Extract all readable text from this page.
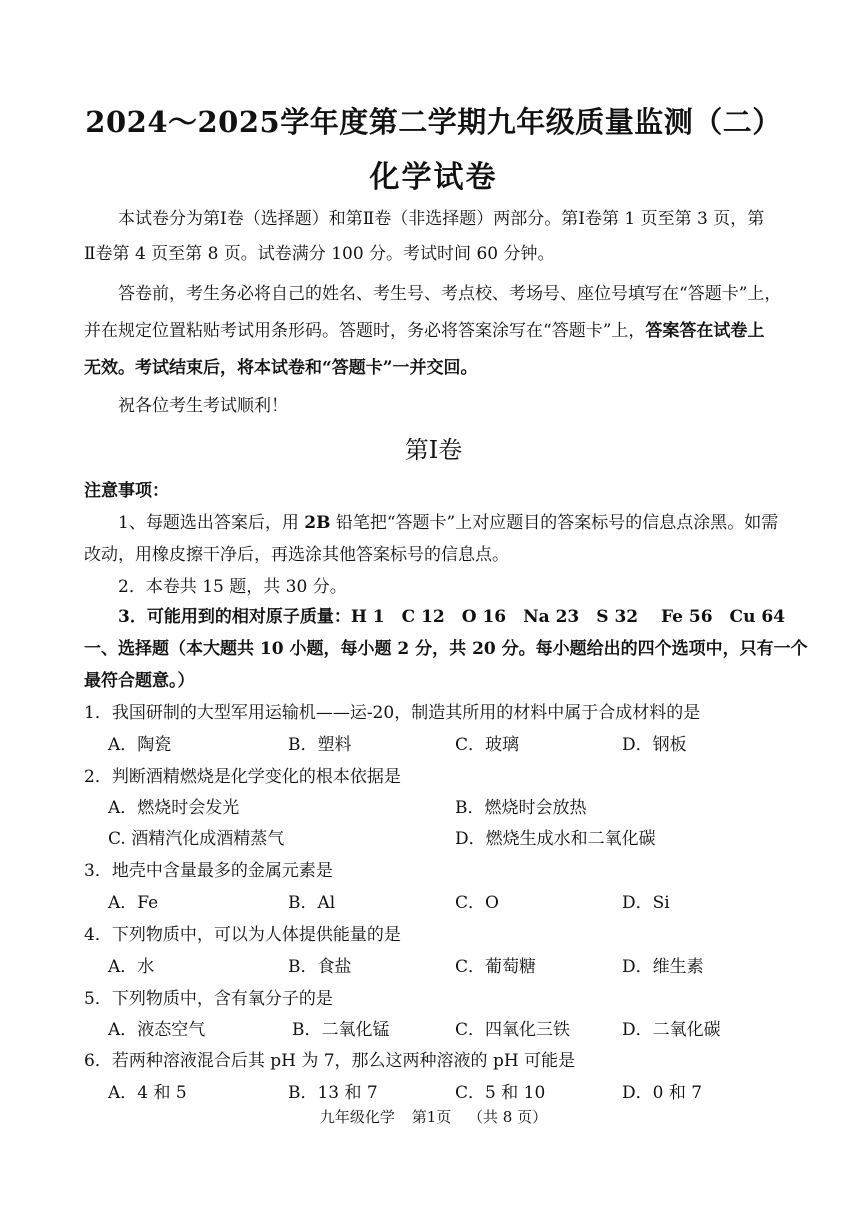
2024～2025学年度第二学期九年级质量监测（二）
化学试卷
本试卷分为第Ⅰ卷（选择题）和第Ⅱ卷（非选择题）两部分。第Ⅰ卷第 1 页至第 3 页，第
Ⅱ卷第 4 页至第 8 页。试卷满分 100 分。考试时间 60 分钟。
答卷前，考生务必将自己的姓名、考生号、考点校、考场号、座位号填写在“答题卡”上，
并在规定位置粘贴考试用条形码。答题时，务必将答案涂写在“答题卡”上，答案答在试卷上
无效。考试结束后，将本试卷和“答题卡”一并交回。
祝各位考生考试顺利！
第Ⅰ卷
注意事项：
1、每题选出答案后，用 2B 铅笔把“答题卡”上对应题目的答案标号的信息点涂黑。如需
改动，用橡皮擦干净后，再选涂其他答案标号的信息点。
2．本卷共 15 题，共 30 分。
3．可能用到的相对原子质量：H 1　C 12　O 16　Na 23　S 32　 Fe 56　Cu 64
一、选择题（本大题共 10 小题，每小题 2 分，共 20 分。每小题给出的四个选项中，只有一个
最符合题意。）
1．我国研制的大型军用运输机——运-20，制造其所用的材料中属于合成材料的是
A．陶瓷	B．塑料	C．玻璃	D．钢板
2．判断酒精燃烧是化学变化的根本依据是
A．燃烧时会发光	B．燃烧时会放热
C. 酒精汽化成酒精蒸气	D．燃烧生成水和二氧化碳
3．地壳中含量最多的金属元素是
A．Fe	B．Al	C．O	D．Si
4．下列物质中，可以为人体提供能量的是
A．水	B．食盐	C．葡萄糖	D．维生素
5．下列物质中，含有氧分子的是
A．液态空气	B．二氧化锰	C．四氧化三铁	D．二氧化碳
6．若两种溶液混合后其 pH 为 7，那么这两种溶液的 pH 可能是
A．4 和 5	B．13 和 7	C．5 和 10	D．0 和 7
九年级化学 第1页 （共 8 页）
